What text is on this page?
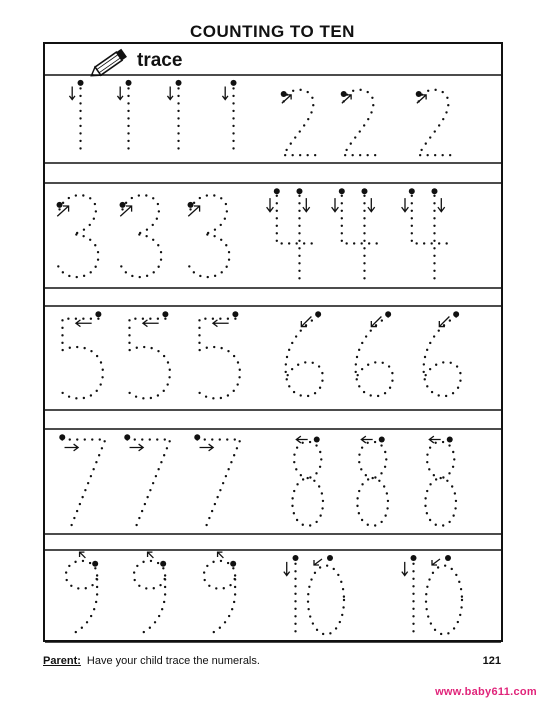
COUNTING TO TEN
trace
Parent: Have your child trace the numerals.	121
www.baby611.com
